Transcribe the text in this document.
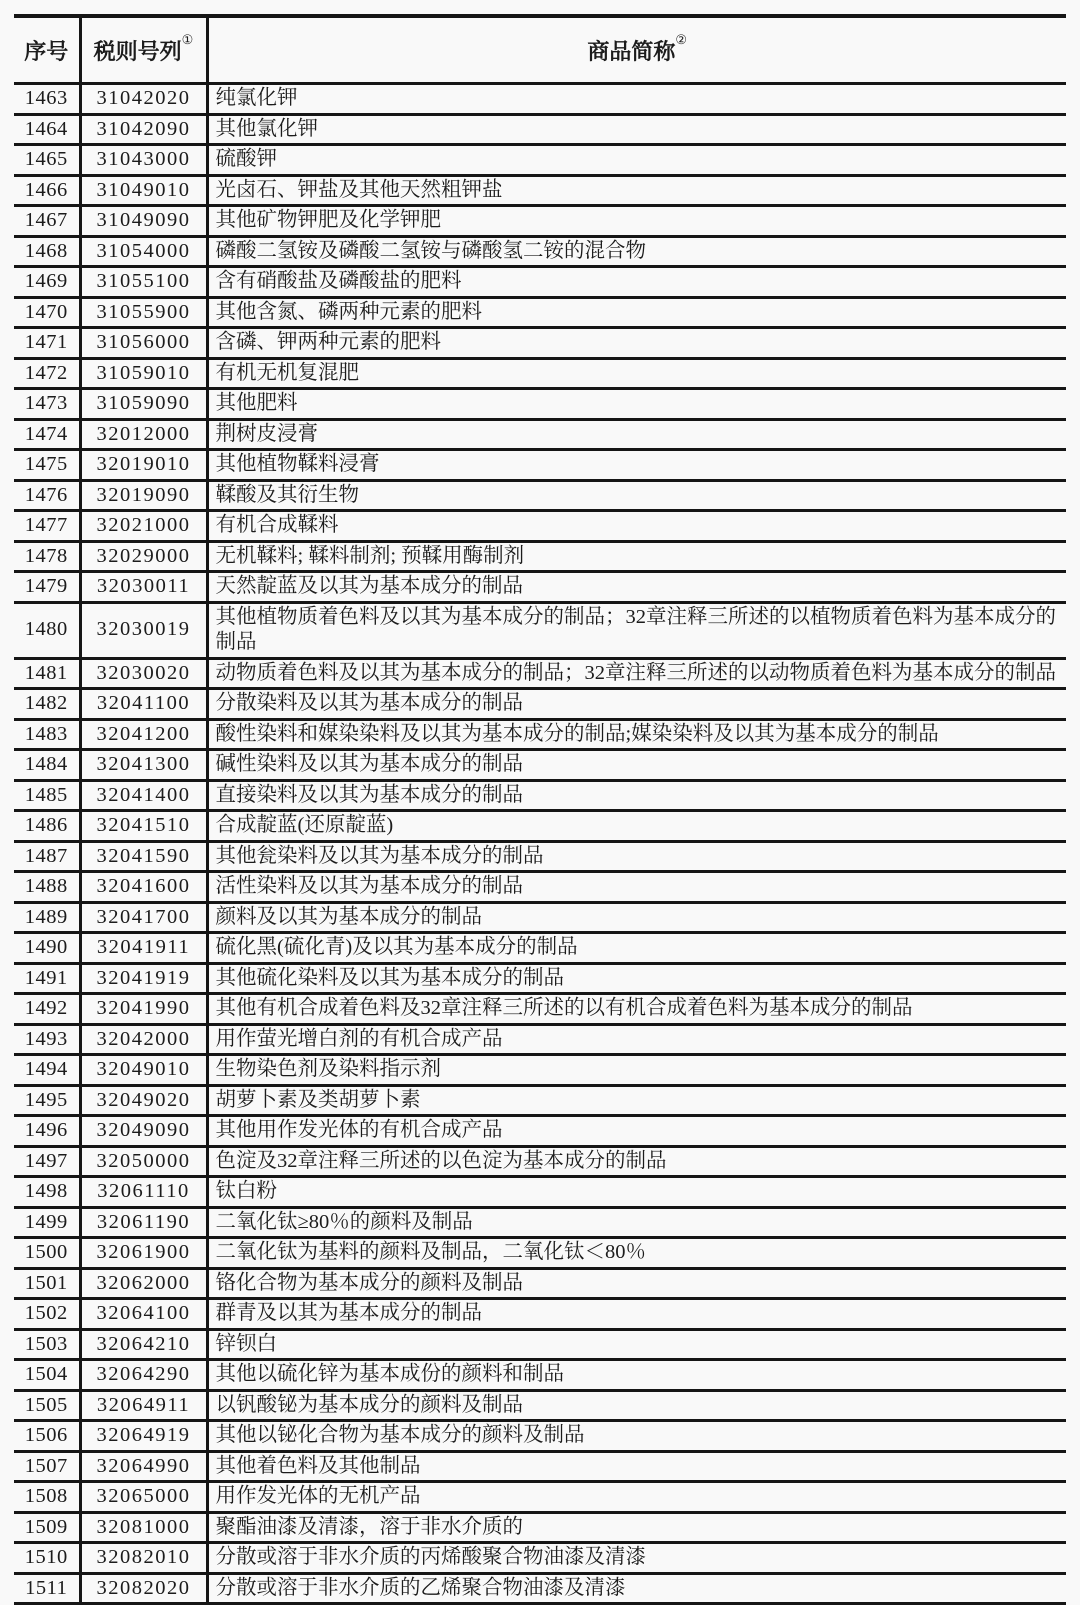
序号	税则号列①	商品简称②
1463	31042020	纯氯化钾
1464	31042090	其他氯化钾
1465	31043000	硫酸钾
1466	31049010	光卤石、钾盐及其他天然粗钾盐
1467	31049090	其他矿物钾肥及化学钾肥
1468	31054000	磷酸二氢铵及磷酸二氢铵与磷酸氢二铵的混合物
1469	31055100	含有硝酸盐及磷酸盐的肥料
1470	31055900	其他含氮、磷两种元素的肥料
1471	31056000	含磷、钾两种元素的肥料
1472	31059010	有机无机复混肥
1473	31059090	其他肥料
1474	32012000	荆树皮浸膏
1475	32019010	其他植物鞣料浸膏
1476	32019090	鞣酸及其衍生物
1477	32021000	有机合成鞣料
1478	32029000	无机鞣料; 鞣料制剂; 预鞣用酶制剂
1479	32030011	天然靛蓝及以其为基本成分的制品
1480	32030019	其他植物质着色料及以其为基本成分的制品；32章注释三所述的以植物质着色料为基本成分的制品
1481	32030020	动物质着色料及以其为基本成分的制品；32章注释三所述的以动物质着色料为基本成分的制品
1482	32041100	分散染料及以其为基本成分的制品
1483	32041200	酸性染料和媒染染料及以其为基本成分的制品;媒染染料及以其为基本成分的制品
1484	32041300	碱性染料及以其为基本成分的制品
1485	32041400	直接染料及以其为基本成分的制品
1486	32041510	合成靛蓝(还原靛蓝)
1487	32041590	其他瓮染料及以其为基本成分的制品
1488	32041600	活性染料及以其为基本成分的制品
1489	32041700	颜料及以其为基本成分的制品
1490	32041911	硫化黑(硫化青)及以其为基本成分的制品
1491	32041919	其他硫化染料及以其为基本成分的制品
1492	32041990	其他有机合成着色料及32章注释三所述的以有机合成着色料为基本成分的制品
1493	32042000	用作萤光增白剂的有机合成产品
1494	32049010	生物染色剂及染料指示剂
1495	32049020	胡萝卜素及类胡萝卜素
1496	32049090	其他用作发光体的有机合成产品
1497	32050000	色淀及32章注释三所述的以色淀为基本成分的制品
1498	32061110	钛白粉
1499	32061190	二氧化钛≥80％的颜料及制品
1500	32061900	二氧化钛为基料的颜料及制品，二氧化钛＜80％
1501	32062000	铬化合物为基本成分的颜料及制品
1502	32064100	群青及以其为基本成分的制品
1503	32064210	锌钡白
1504	32064290	其他以硫化锌为基本成份的颜料和制品
1505	32064911	以钒酸铋为基本成分的颜料及制品
1506	32064919	其他以铋化合物为基本成分的颜料及制品
1507	32064990	其他着色料及其他制品
1508	32065000	用作发光体的无机产品
1509	32081000	聚酯油漆及清漆，溶于非水介质的
1510	32082010	分散或溶于非水介质的丙烯酸聚合物油漆及清漆
1511	32082020	分散或溶于非水介质的乙烯聚合物油漆及清漆
